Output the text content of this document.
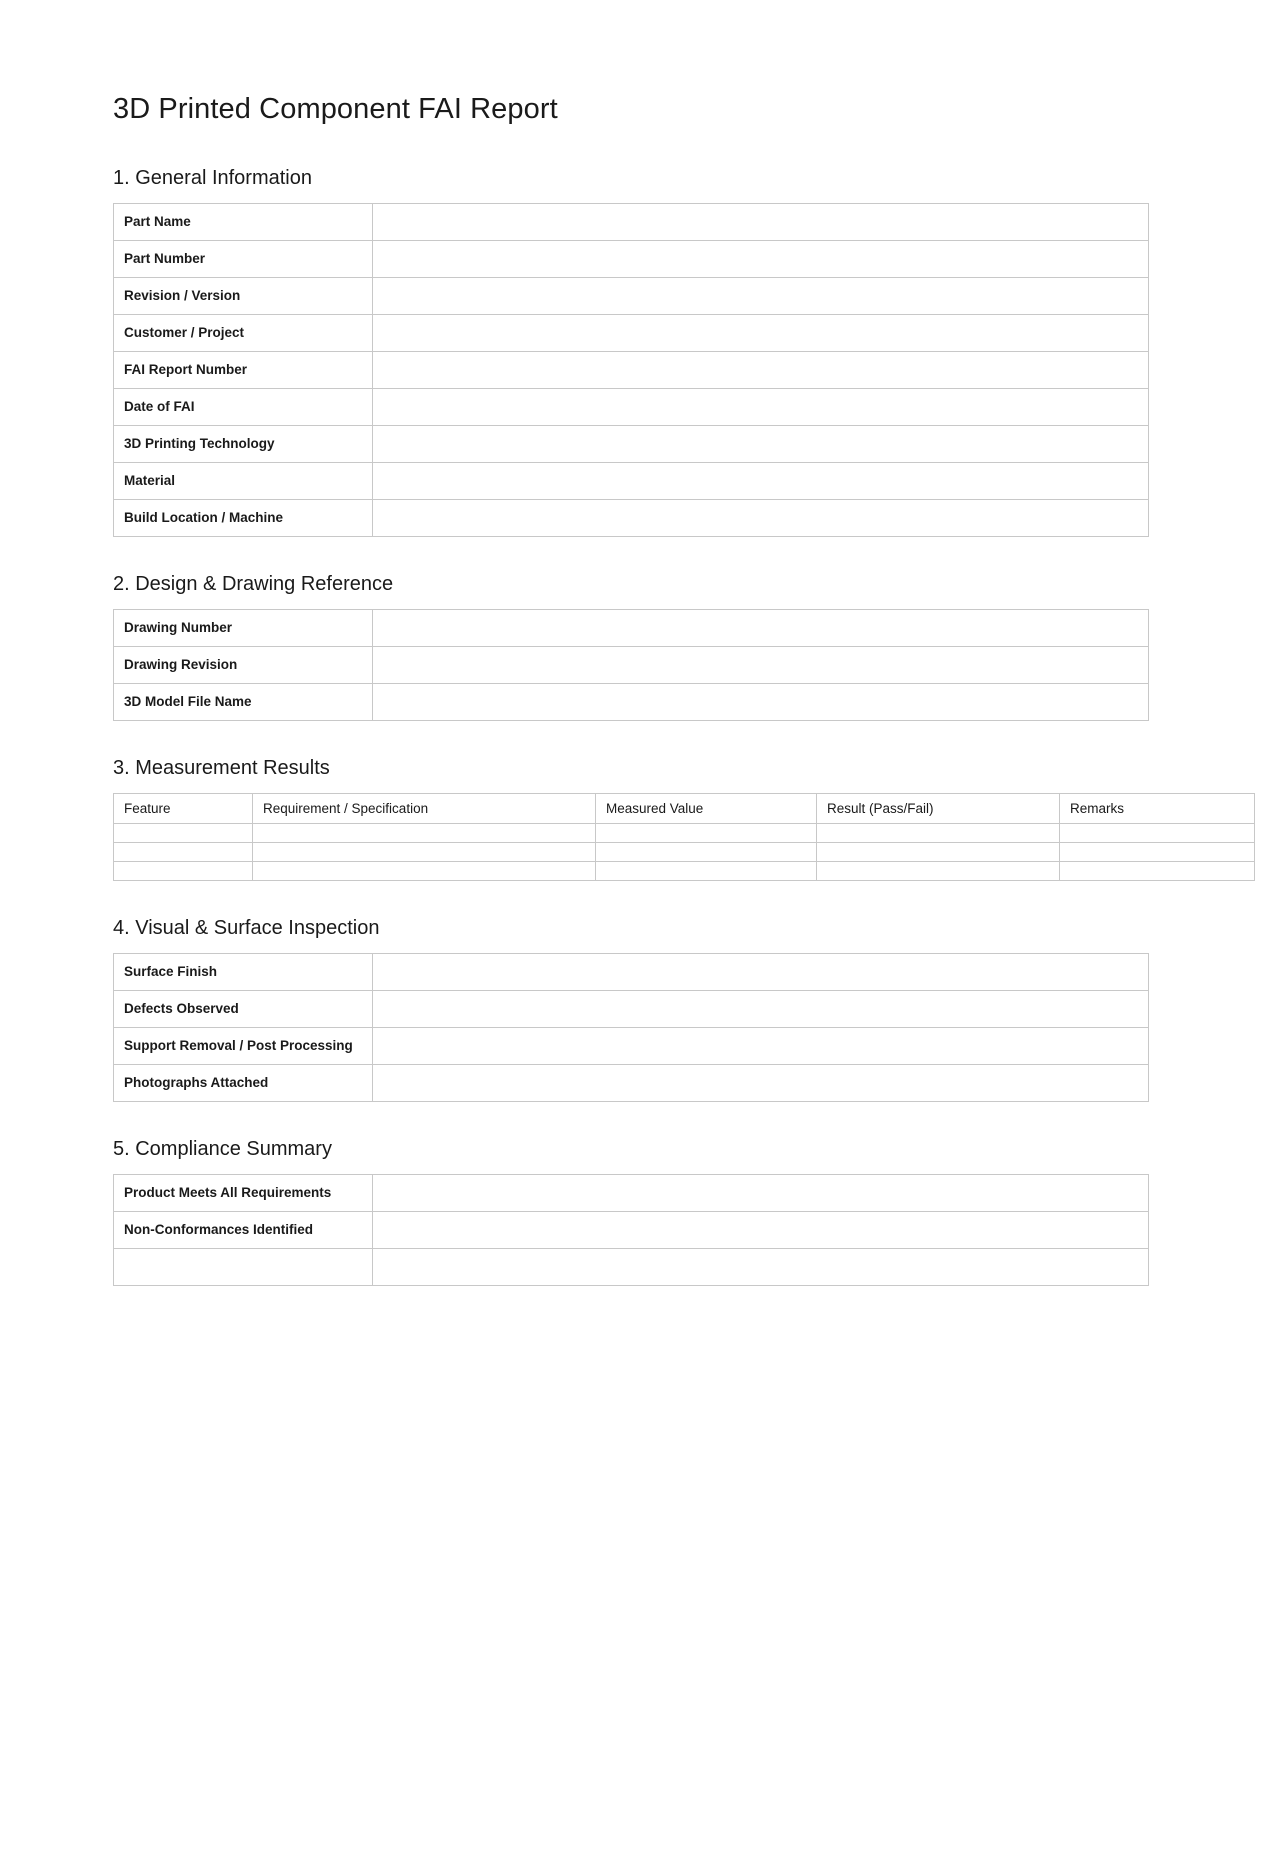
3D Printed Component FAI Report
1. General Information
Part Name	
Part Number	
Revision / Version	
Customer / Project	
FAI Report Number	
Date of FAI	
3D Printing Technology	
Material	
Build Location / Machine	
2. Design & Drawing Reference
Drawing Number	
Drawing Revision	
3D Model File Name	
3. Measurement Results
Feature	Requirement / Specification	Measured Value	Result (Pass/Fail)	Remarks

4. Visual & Surface Inspection
Surface Finish	
Defects Observed	
Support Removal / Post Processing	
Photographs Attached	
5. Compliance Summary
Product Meets All Requirements	
Non-Conformances Identified	
